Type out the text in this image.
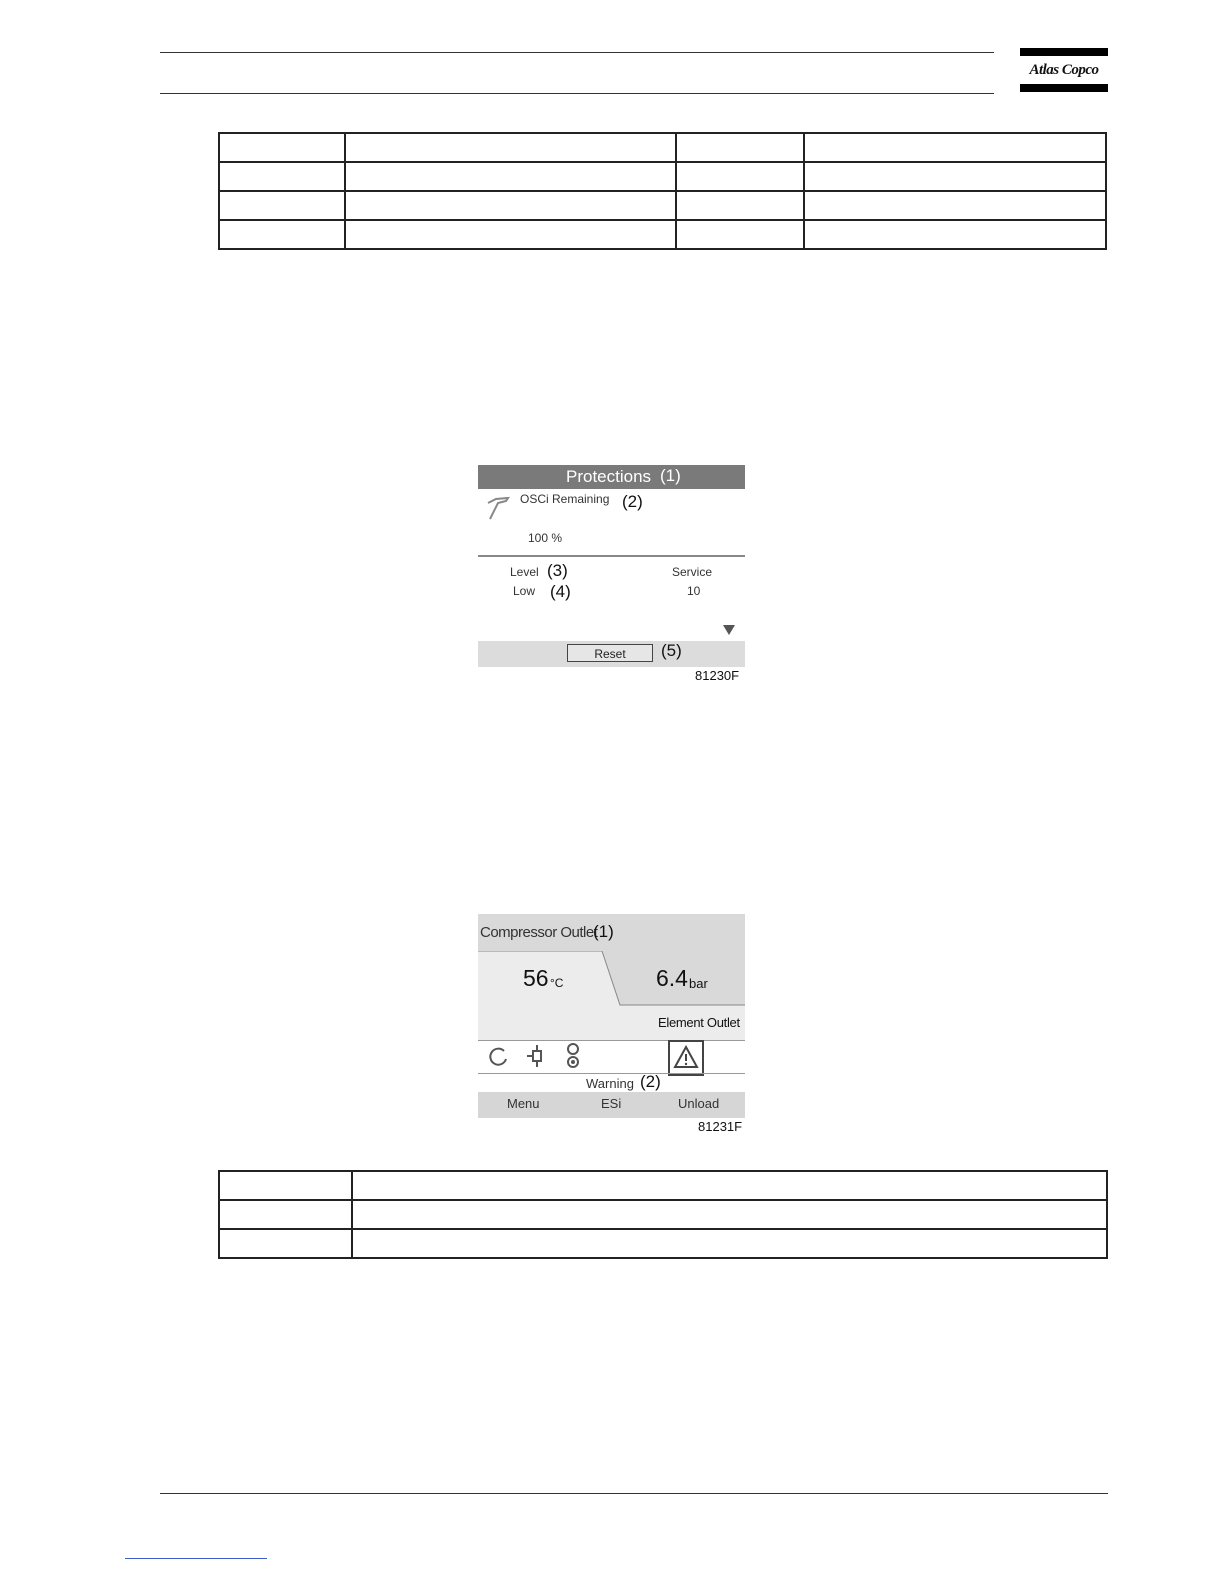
Atlas Copco

Protections (1)
OSCi Remaining (2)
100 %
Level (3)
Low (4)
Service
10
Reset	(5)
81230F
Compressor Outlet
(1)
56 °C	6.4 bar
Element Outlet
Warning (2)
Menu	ESi	Unload
81231F
